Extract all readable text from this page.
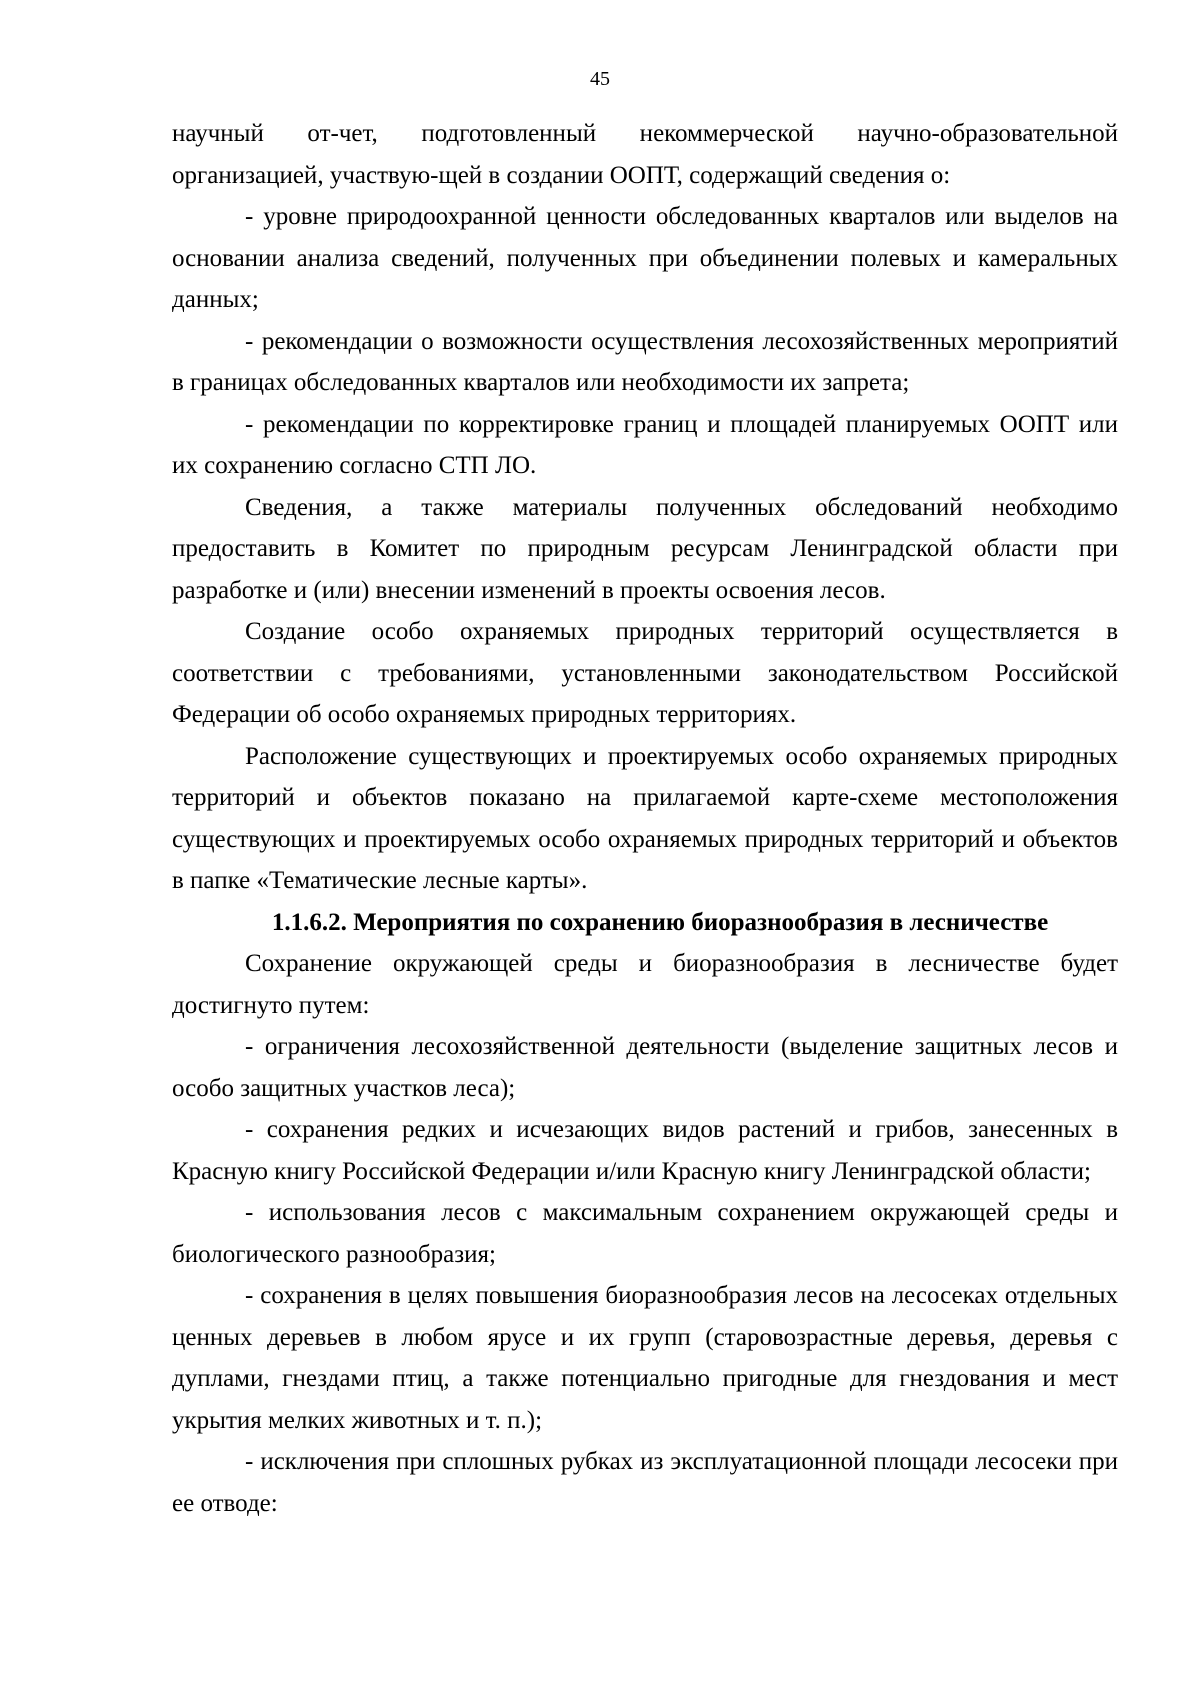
45

научный от-чет, подготовленный некоммерческой научно-образовательной организацией, участвую-щей в создании ООПТ, содержащий сведения о:

- уровне природоохранной ценности обследованных кварталов или выделов на основании анализа сведений, полученных при объединении полевых и камеральных данных;

- рекомендации о возможности осуществления лесохозяйственных мероприятий в границах обследованных кварталов или необходимости их запрета;

- рекомендации по корректировке границ и площадей планируемых ООПТ или их сохранению согласно СТП ЛО.

Сведения, а также материалы полученных обследований необходимо предоставить в Комитет по природным ресурсам Ленинградской области при разработке и (или) внесении изменений в проекты освоения лесов.

Создание особо охраняемых природных территорий осуществляется в соответствии с требованиями, установленными законодательством Российской Федерации об особо охраняемых природных территориях.

Расположение существующих и проектируемых особо охраняемых природных территорий и объектов показано на прилагаемой карте-схеме местоположения существующих и проектируемых особо охраняемых природных территорий и объектов в папке «Тематические лесные карты».

1.1.6.2. Мероприятия по сохранению биоразнообразия в лесничестве

Сохранение окружающей среды и биоразнообразия в лесничестве будет достигнуто путем:

- ограничения лесохозяйственной деятельности (выделение защитных лесов и особо защитных участков леса);

- сохранения редких и исчезающих видов растений и грибов, занесенных в Красную книгу Российской Федерации и/или Красную книгу Ленинградской области;

- использования лесов с максимальным сохранением окружающей среды и биологического разнообразия;

- сохранения в целях повышения биоразнообразия лесов на лесосеках отдельных ценных деревьев в любом ярусе и их групп (старовозрастные деревья, деревья с дуплами, гнездами птиц, а также потенциально пригодные для гнездования и мест укрытия мелких животных и т. п.);

- исключения при сплошных рубках из эксплуатационной площади лесосеки при ее отводе:
